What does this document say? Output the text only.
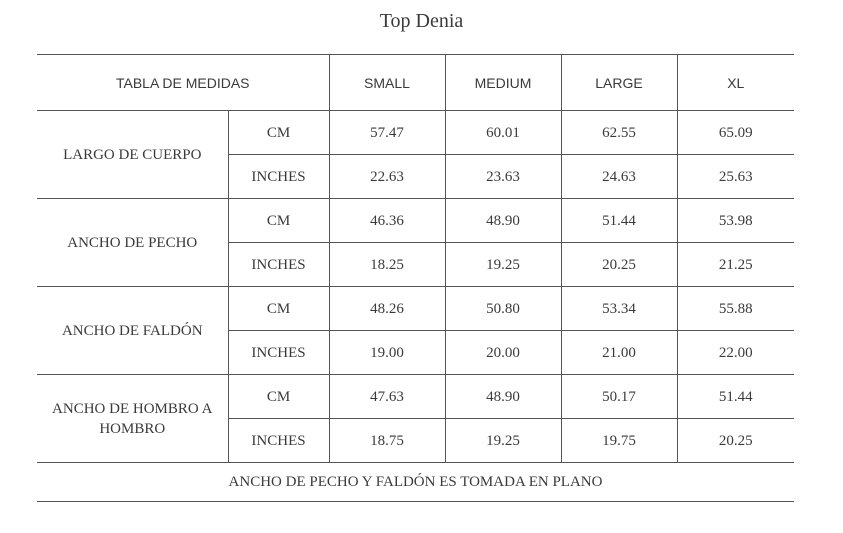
Top Denia
TABLA DE MEDIDAS		SMALL	MEDIUM	LARGE	XL
LARGO DE CUERPO	CM	57.47	60.01	62.55	65.09
	INCHES	22.63	23.63	24.63	25.63
ANCHO DE PECHO	CM	46.36	48.90	51.44	53.98
	INCHES	18.25	19.25	20.25	21.25
ANCHO DE FALDÓN	CM	48.26	50.80	53.34	55.88
	INCHES	19.00	20.00	21.00	22.00
ANCHO DE HOMBRO A HOMBRO	CM	47.63	48.90	50.17	51.44
	INCHES	18.75	19.25	19.75	20.25
ANCHO DE PECHO Y FALDÓN ES TOMADA EN PLANO					
